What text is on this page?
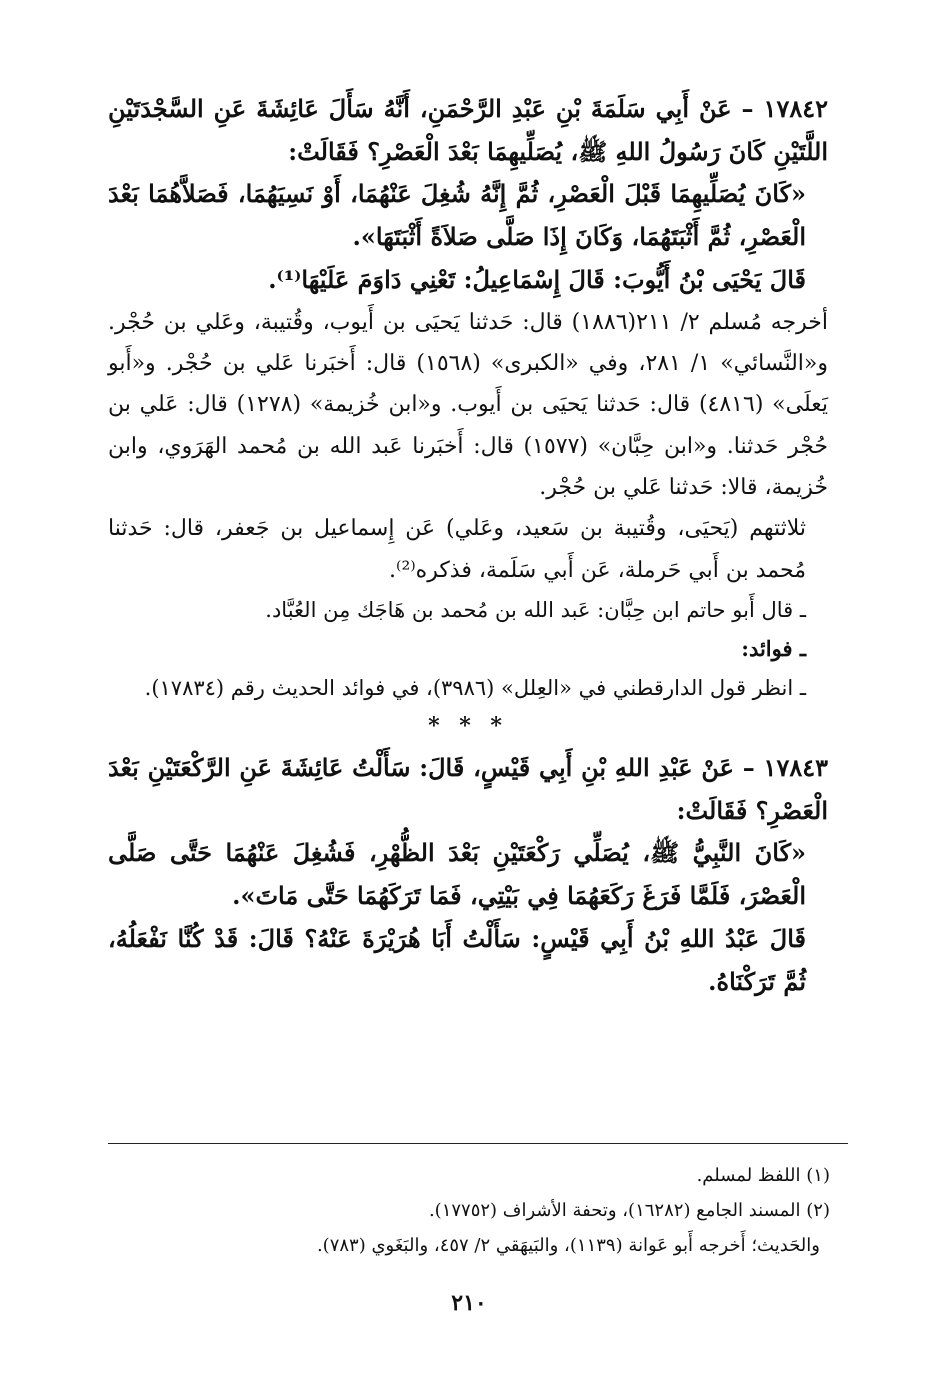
١٧٨٤٢ – عَنْ أَبِي سَلَمَةَ بْنِ عَبْدِ الرَّحْمَنِ، أَنَّهُ سَأَلَ عَائِشَةَ عَنِ السَّجْدَتَيْنِ اللَّتَيْنِ كَانَ رَسُولُ اللهِ ﷺ، يُصَلِّيهِمَا بَعْدَ الْعَصْرِ؟ فَقَالَتْ:

«كَانَ يُصَلِّيهِمَا قَبْلَ الْعَصْرِ، ثُمَّ إِنَّهُ شُغِلَ عَنْهُمَا، أَوْ نَسِيَهُمَا، فَصَلاَّهُمَا بَعْدَ الْعَصْرِ، ثُمَّ أَثْبَتَهُمَا، وَكَانَ إِذَا صَلَّى صَلاَةً أَثْبَتَهَا».

قَالَ يَحْيَى بْنُ أَيُّوبَ: قَالَ إِسْمَاعِيلُ: تَعْنِي دَاوَمَ عَلَيْهَا⁽¹⁾.

أخرجه مُسلم ٢/ ٢١١(١٨٨٦) قال: حَدثنا يَحيَى بن أَيوب، وقُتيبة، وعَلي بن حُجْر. و«النَّسائي» ١/ ٢٨١، وفي «الكبرى» (١٥٦٨) قال: أَخبَرنا عَلي بن حُجْر. و«أَبو يَعلَى» (٤٨١٦) قال: حَدثنا يَحيَى بن أَيوب. و«ابن خُزيمة» (١٢٧٨) قال: عَلي بن حُجْر حَدثنا. و«ابن حِبَّان» (١٥٧٧) قال: أَخبَرنا عَبد الله بن مُحمد الهَرَوي، وابن خُزيمة، قالا: حَدثنا عَلي بن حُجْر.

ثلاثتهم (يَحيَى، وقُتيبة بن سَعيد، وعَلي) عَن إِسماعيل بن جَعفر، قال: حَدثنا مُحمد بن أَبي حَرملة، عَن أَبي سَلَمة، فذكره⁽²⁾.

ـ قال أَبو حاتم ابن حِبَّان: عَبد الله بن مُحمد بن هَاجَك مِن العُبَّاد.

ـ فوائد:

ـ انظر قول الدارقطني في «العِلل» (٣٩٨٦)، في فوائد الحديث رقم (١٧٨٣٤).

* * *

١٧٨٤٣ – عَنْ عَبْدِ اللهِ بْنِ أَبِي قَيْسٍ، قَالَ: سَأَلْتُ عَائِشَةَ عَنِ الرَّكْعَتَيْنِ بَعْدَ الْعَصْرِ؟ فَقَالَتْ:

«كَانَ النَّبِيُّ ﷺ، يُصَلِّي رَكْعَتَيْنِ بَعْدَ الظُّهْرِ، فَشُغِلَ عَنْهُمَا حَتَّى صَلَّى الْعَصْرَ، فَلَمَّا فَرَغَ رَكَعَهُمَا فِي بَيْتِي، فَمَا تَرَكَهُمَا حَتَّى مَاتَ».

قَالَ عَبْدُ اللهِ بْنُ أَبِي قَيْسٍ: سَأَلْتُ أَبَا هُرَيْرَةَ عَنْهُ؟ قَالَ: قَدْ كُنَّا نَفْعَلُهُ، ثُمَّ تَرَكْنَاهُ.

(١) اللفظ لمسلم.

(٢) المسند الجامع (١٦٢٨٢)، وتحفة الأشراف (١٧٧٥٢).

والحَديث؛ أَخرجه أَبو عَوانة (١١٣٩)، والبَيهَقي ٢/ ٤٥٧، والبَغَوي (٧٨٣).

٢١٠
